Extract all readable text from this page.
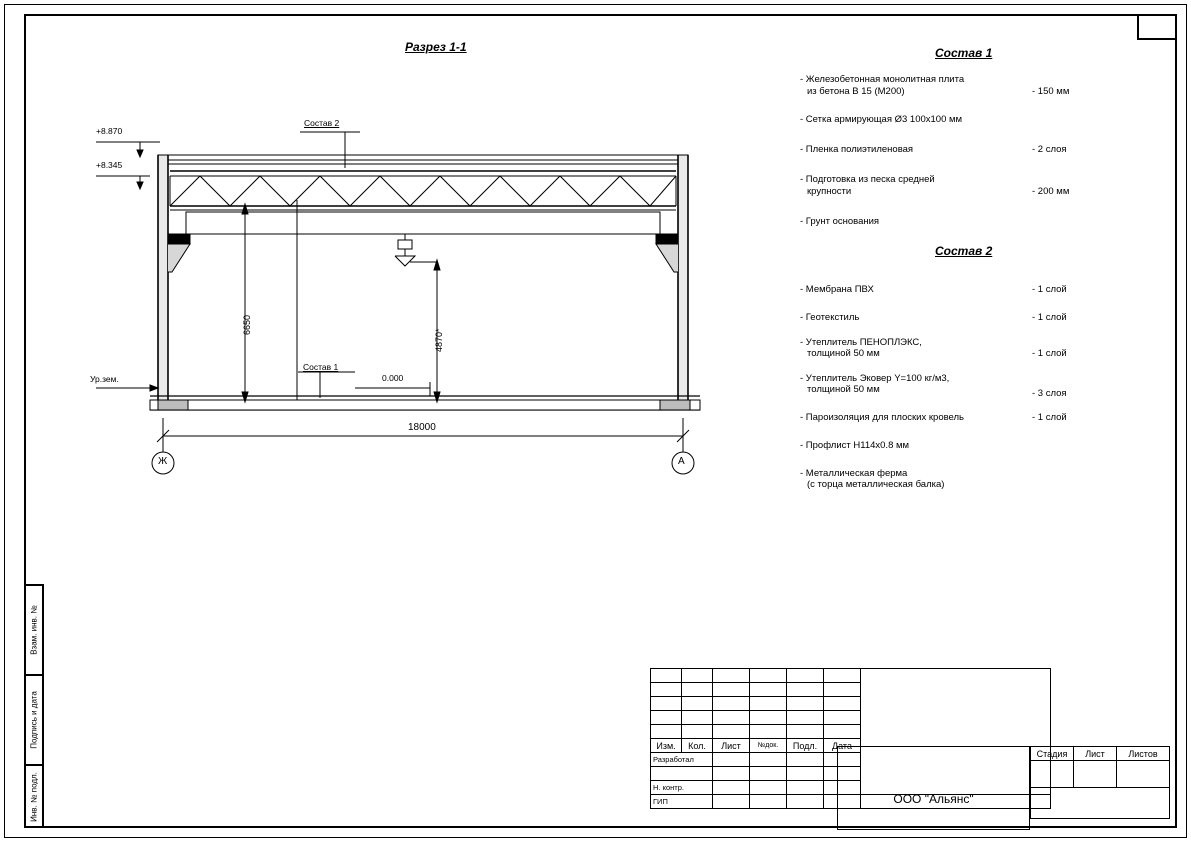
Взам. инв. №
Подпись и дата
Инв. № подл.
Разрез 1-1
+8.870
+8.345
Ур.зем.	0.000
Состав 2
Состав 1
6650
4870*
18000
Ж	А
Состав 1
- Железобетонная монолитная плита
из бетона В 15 (М200)	- 150 мм
- Сетка армирующая Ø3 100х100 мм
- Пленка полиэтиленовая	- 2 слоя
- Подготовка из песка средней
крупности	- 200 мм
- Грунт основания
Состав 2
- Мембрана ПВХ	- 1 слой
- Геотекстиль	- 1 слой
- Утеплитель ПЕНОПЛЭКС,
толщиной 50 мм	- 1 слой
- Утеплитель Эковер Y=100 кг/м3,
толщиной 50 мм	- 3 слоя
- Пароизоляция для плоских кровель	- 1 слой
- Профлист Н114х0.8 мм
- Металлическая ферма
(с торца металлическая балка)

Изм.	Кол.	Лист	№док.	Подл.	Дата	
Разработал						

Н. контр.						
ГИП						
Стадия	Лист	Листов

ООО "Альянс"
